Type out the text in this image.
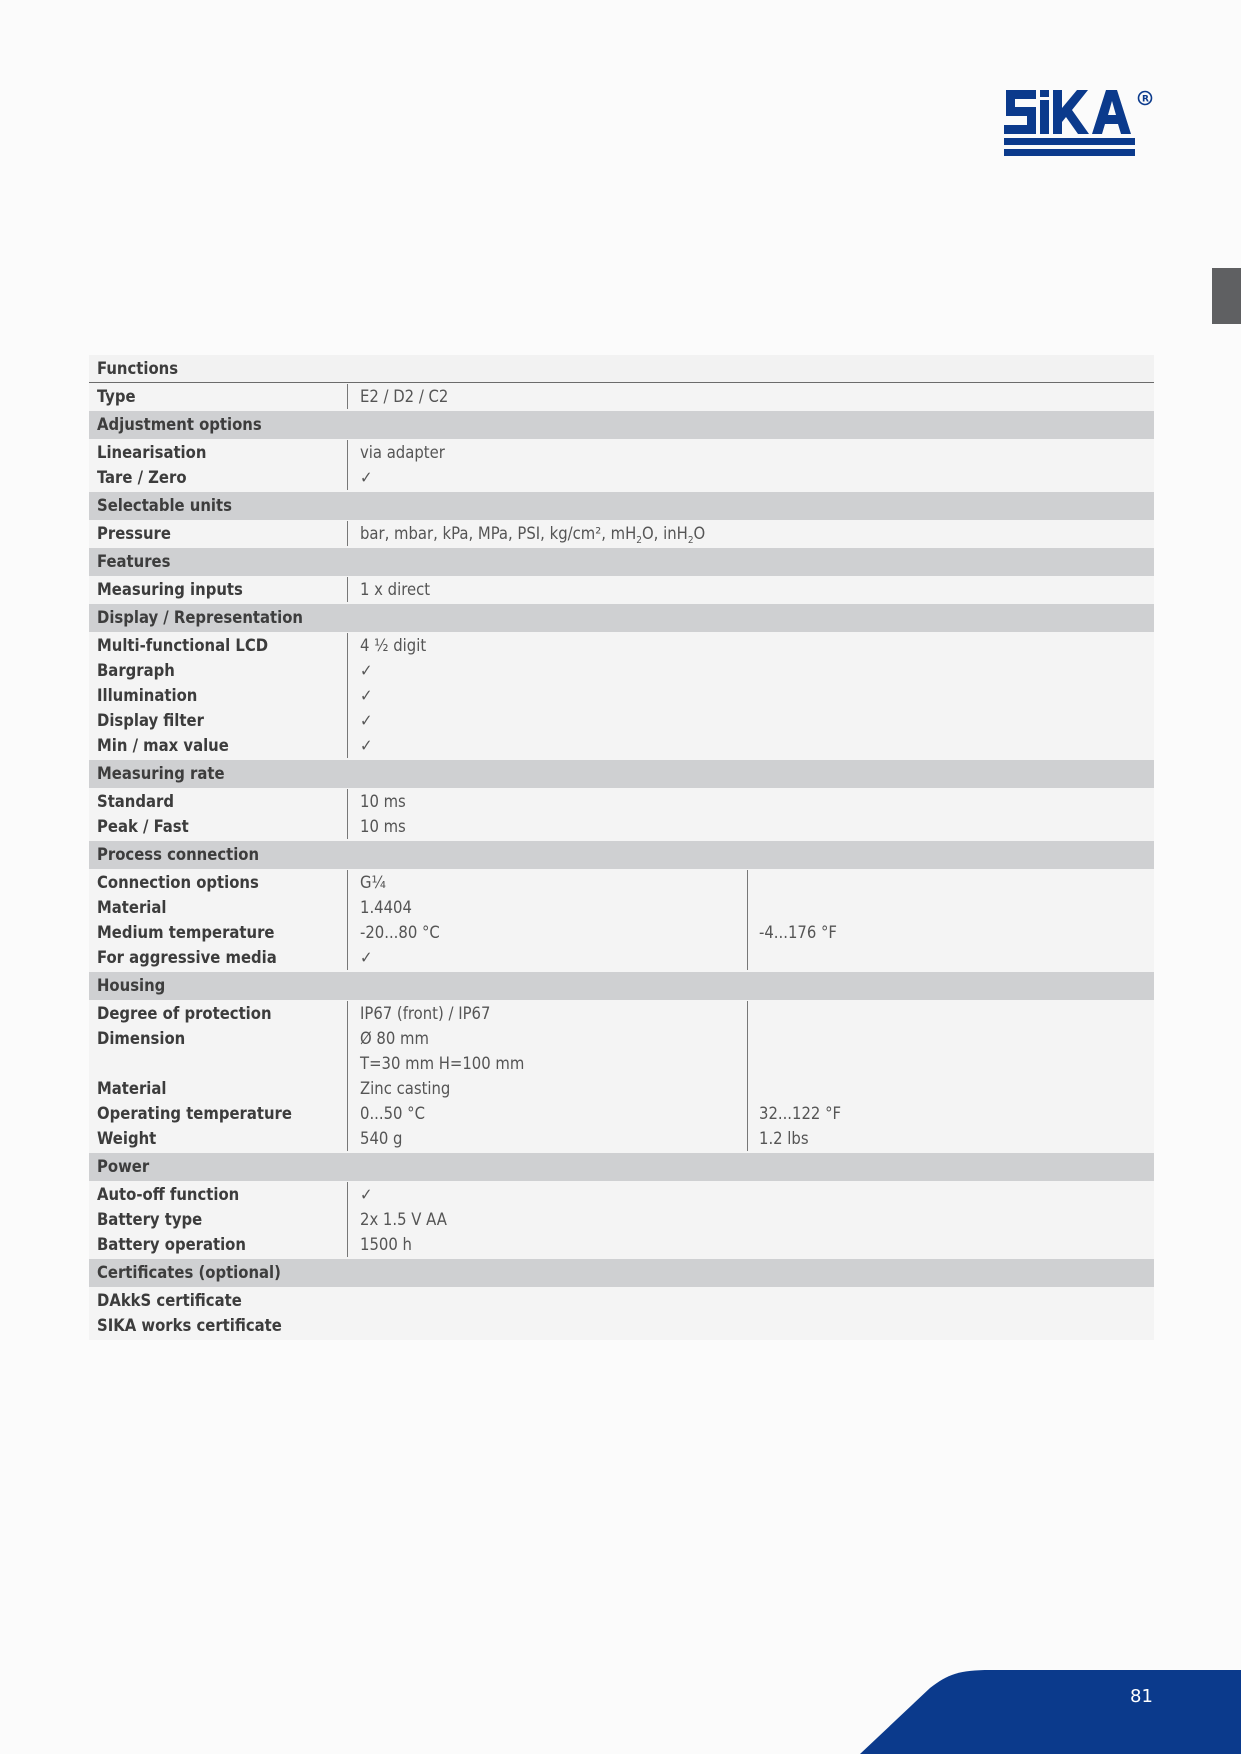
R
Functions
Type	E2 / D2 / C2
Adjustment options
Linearisation	via adapter
Tare / Zero	✓
Selectable units
Pressure	bar, mbar, kPa, MPa, PSI, kg/cm², $mH_2O$, inH$_2$O
Features
Measuring inputs	1 x direct
Display / Representation
Multi-functional LCD	4 ½ digit
Bargraph	✓
Illumination	✓
Display filter	✓
Min / max value	✓
Measuring rate
Standard	10 ms
Peak / Fast	10 ms
Process connection
Connection options	G¼
Material	1.4404
Medium temperature	-20...80 °C	-4...176 °F
For aggressive media	✓
Housing
Degree of protection	IP67 (front) / IP67
Dimension	Ø 80 mm
T=30 mm H=100 mm
Material	Zinc casting
Operating temperature	0...50 °C	32...122 °F
Weight	540 g	1.2 lbs
Power
Auto-off function	✓
Battery type	2x 1.5 V AA
Battery operation	1500 h
Certificates (optional)
DAkkS certificate
SIKA works certificate
81
